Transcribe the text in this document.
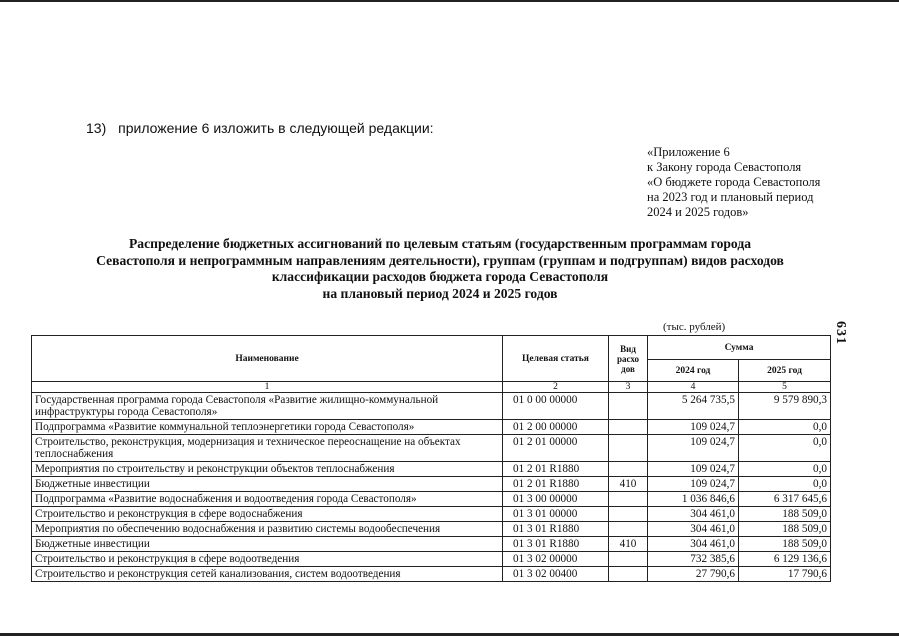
13) приложение 6 изложить в следующей редакции:
«Приложение 6
к Закону города Севастополя
«О бюджете города Севастополя
на 2023 год и плановый период
2024 и 2025 годов»
Распределение бюджетных ассигнований по целевым статьям (государственным программам города
Севастополя и непрограммным направлениям деятельности), группам (группам и подгруппам) видов расходов
классификации расходов бюджета города Севастополя
на плановый период 2024 и 2025 годов
631
(тыс. рублей)
Наименование	Целевая статья	Вид расхо дов	Сумма	
			2024 год	2025 год
1	2	3	4	5
Государственная программа города Севастополя «Развитие жилищно-коммунальной инфраструктуры города Севастополя»	01 0 00 00000		5 264 735,5	9 579 890,3
Подпрограмма «Развитие коммунальной теплоэнергетики города Севастополя»	01 2 00 00000		109 024,7	0,0
Строительство, реконструкция, модернизация и техническое переоснащение на объектах теплоснабжения	01 2 01 00000		109 024,7	0,0
Мероприятия по строительству и реконструкции объектов теплоснабжения	01 2 01 R1880		109 024,7	0,0
Бюджетные инвестиции	01 2 01 R1880	410	109 024,7	0,0
Подпрограмма «Развитие водоснабжения и водоотведения города Севастополя»	01 3 00 00000		1 036 846,6	6 317 645,6
Строительство и реконструкция в сфере водоснабжения	01 3 01 00000		304 461,0	188 509,0
Мероприятия по обеспечению водоснабжения и развитию системы водообеспечения	01 3 01 R1880		304 461,0	188 509,0
Бюджетные инвестиции	01 3 01 R1880	410	304 461,0	188 509,0
Строительство и реконструкция в сфере водоотведения	01 3 02 00000		732 385,6	6 129 136,6
Строительство и реконструкция сетей канализования, систем водоотведения	01 3 02 00400		27 790,6	17 790,6
